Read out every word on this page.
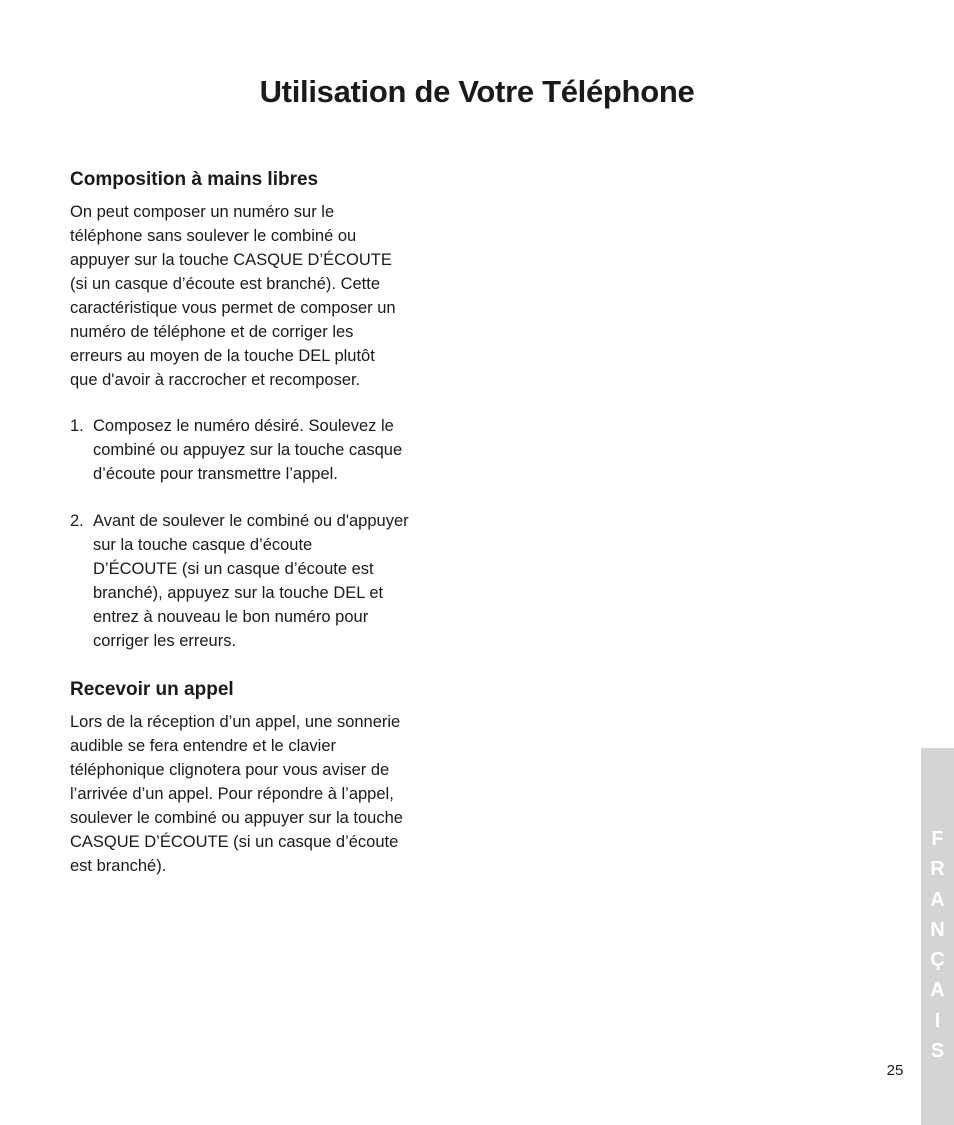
Utilisation de Votre Téléphone
Composition à mains libres

On peut composer un numéro sur le
téléphone sans soulever le combiné ou
appuyer sur la touche CASQUE D’ÉCOUTE
(si un casque d’écoute est branché). Cette
caractéristique vous permet de composer un
numéro de téléphone et de corriger les
erreurs au moyen de la touche DEL plutôt
que d'avoir à raccrocher et recomposer.

1. Composez le numéro désiré. Soulevez le
combiné ou appuyez sur la touche casque
d’écoute pour transmettre l’appel.
2. Avant de soulever le combiné ou d'appuyer
sur la touche casque d’écoute
D’ÉCOUTE (si un casque d’écoute est
branché), appuyez sur la touche DEL et
entrez à nouveau le bon numéro pour
corriger les erreurs.
Recevoir un appel

Lors de la réception d’un appel, une sonnerie
audible se fera entendre et le clavier
téléphonique clignotera pour vous aviser de
l’arrivée d’un appel. Pour répondre à l’appel,
soulever le combiné ou appuyer sur la touche
CASQUE D’ÉCOUTE (si un casque d’écoute
est branché).

F
R
A
N
Ç
A
I
S
25
